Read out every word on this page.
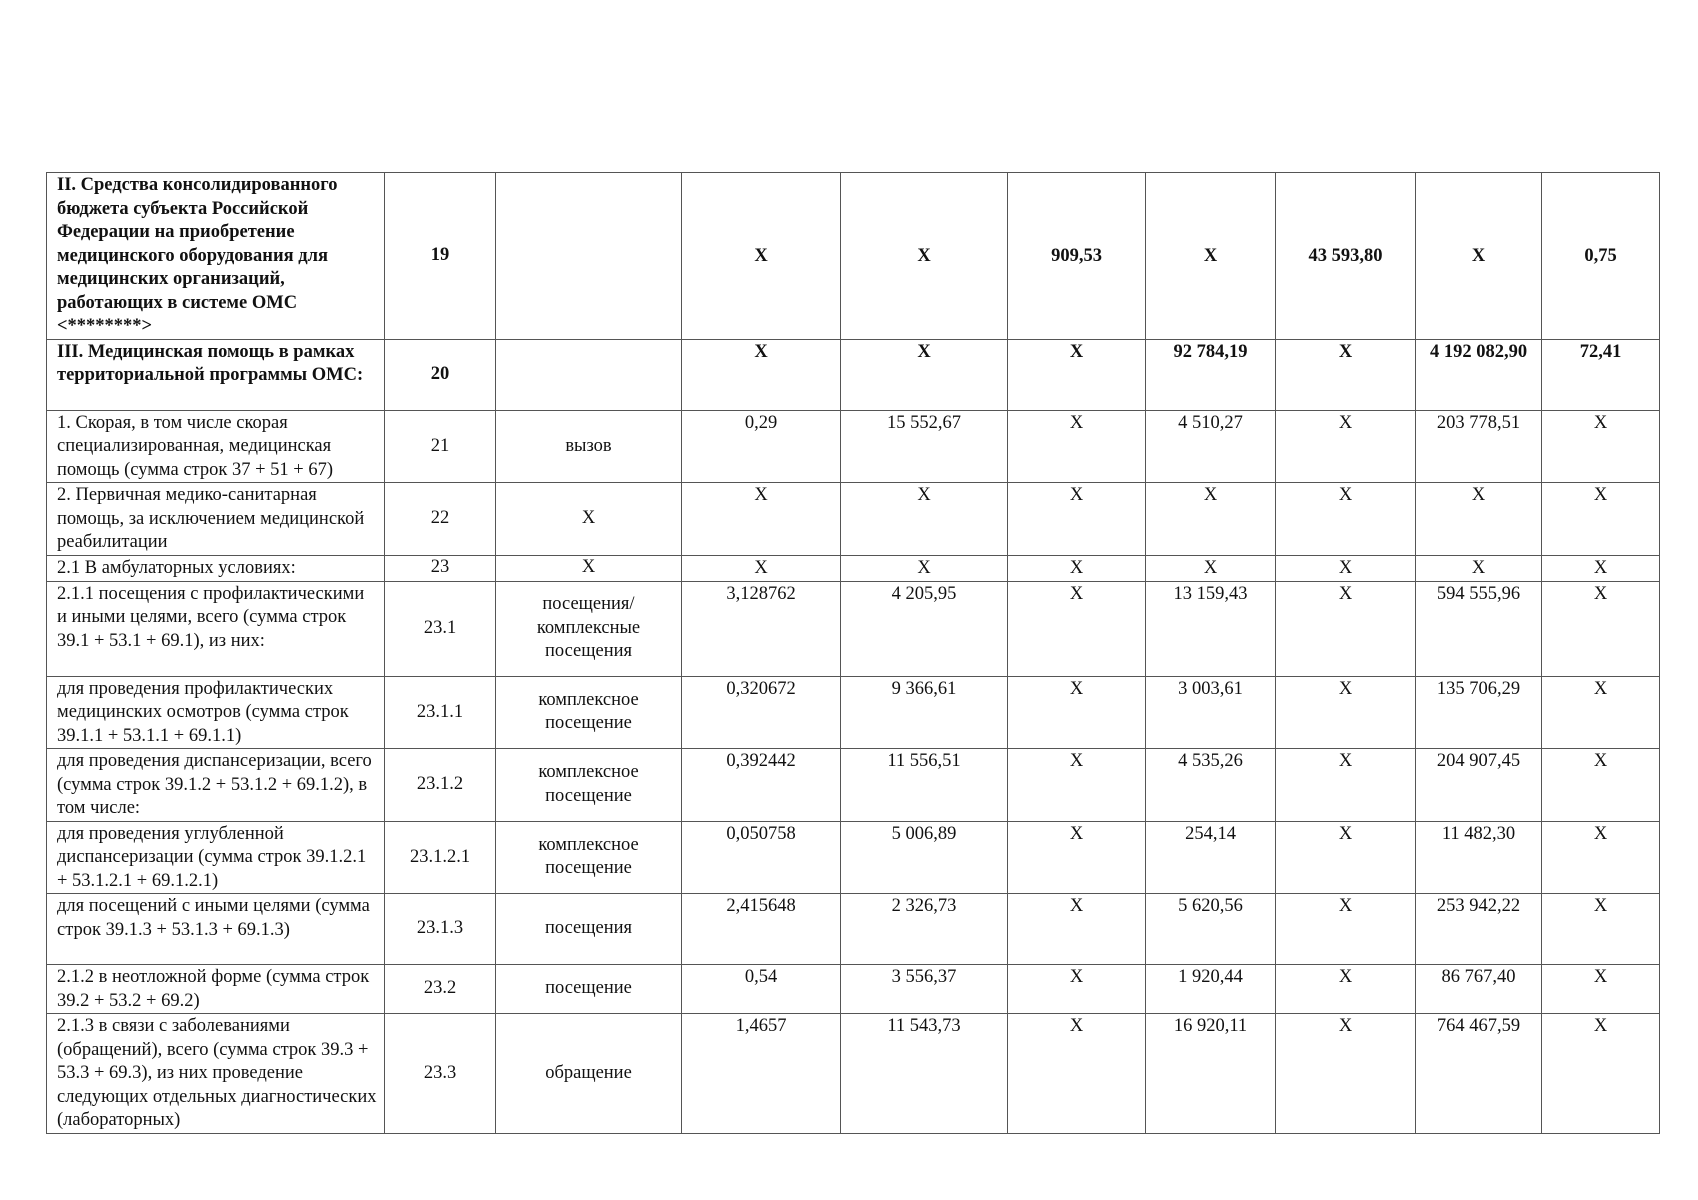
II. Средства консолидированного бюджета субъекта Российской Федерации на приобретение медицинского оборудования для медицинских организаций, работающих в системе ОМС <********>	19		X	X	909,53	X	43 593,80	X	0,75
III. Медицинская помощь в рамках территориальной программы ОМС:	20		X	X	X	92 784,19	X	4 192 082,90	72,41
1. Скорая, в том числе скорая специализированная, медицинская помощь (сумма строк 37 + 51 + 67)	21	вызов	0,29	15 552,67	X	4 510,27	X	203 778,51	X
2. Первичная медико-санитарная помощь, за исключением медицинской реабилитации	22	X	X	X	X	X	X	X	X
2.1 В амбулаторных условиях:	23	X	X	X	X	X	X	X	X
2.1.1 посещения с профилактическими и иными целями, всего (сумма строк 39.1 + 53.1 + 69.1), из них:	23.1	посещения/комплексные посещения	3,128762	4 205,95	X	13 159,43	X	594 555,96	X
для проведения профилактических медицинских осмотров (сумма строк 39.1.1 + 53.1.1 + 69.1.1)	23.1.1	комплексное посещение	0,320672	9 366,61	X	3 003,61	X	135 706,29	X
для проведения диспансеризации, всего (сумма строк 39.1.2 + 53.1.2 + 69.1.2), в том числе:	23.1.2	комплексное посещение	0,392442	11 556,51	X	4 535,26	X	204 907,45	X
для проведения углубленной диспансеризации (сумма строк 39.1.2.1 + 53.1.2.1 + 69.1.2.1)	23.1.2.1	комплексное посещение	0,050758	5 006,89	X	254,14	X	11 482,30	X
для посещений с иными целями (сумма строк 39.1.3 + 53.1.3 + 69.1.3)	23.1.3	посещения	2,415648	2 326,73	X	5 620,56	X	253 942,22	X
2.1.2 в неотложной форме (сумма строк 39.2 + 53.2 + 69.2)	23.2	посещение	0,54	3 556,37	X	1 920,44	X	86 767,40	X
2.1.3 в связи с заболеваниями (обращений), всего (сумма строк 39.3 + 53.3 + 69.3), из них проведение следующих отдельных диагностических (лабораторных)	23.3	обращение	1,4657	11 543,73	X	16 920,11	X	764 467,59	X
